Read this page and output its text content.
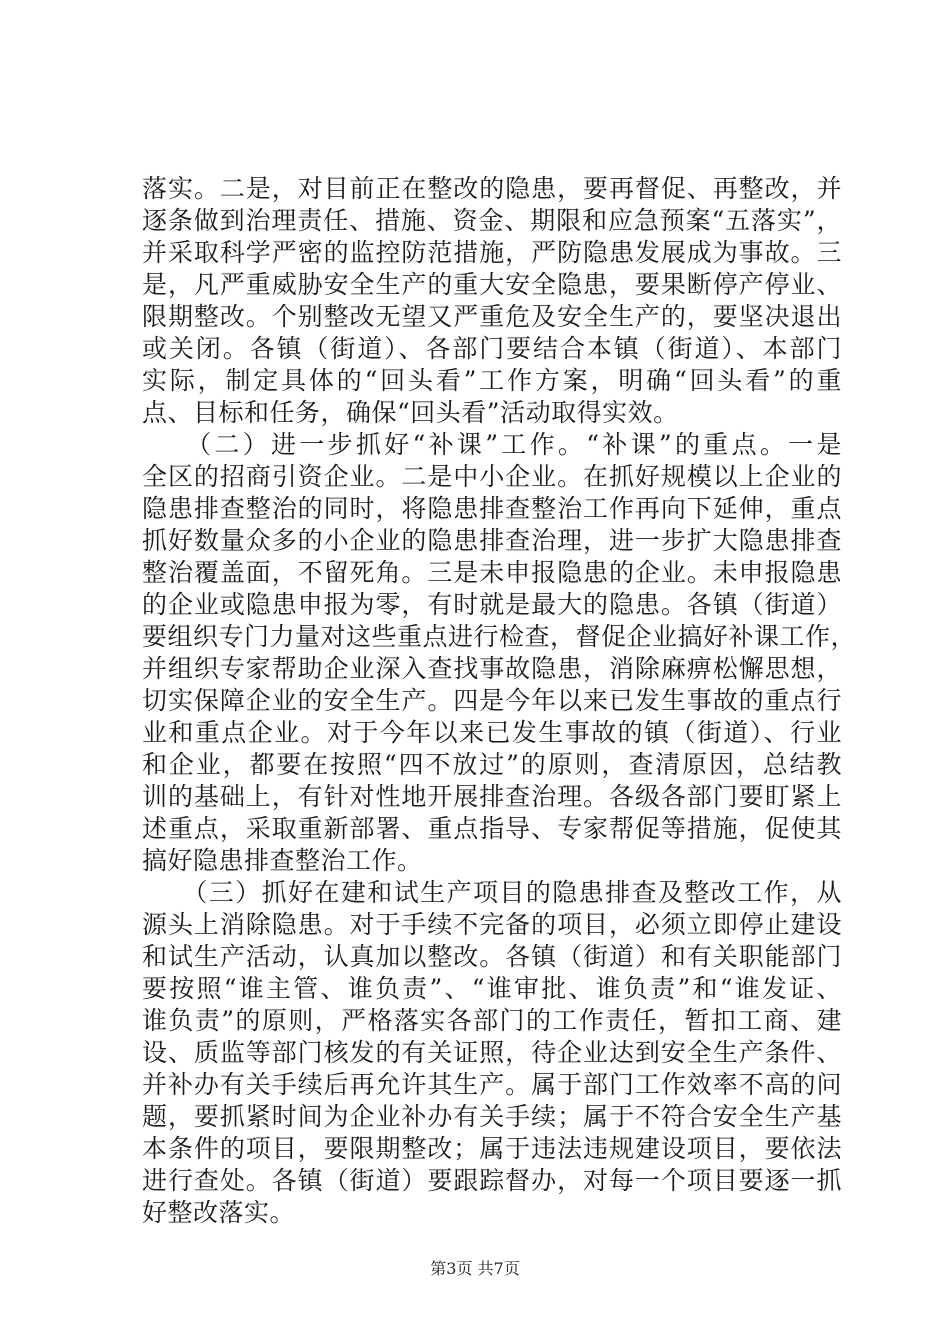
落实。二是，对目前正在整改的隐患，要再督促、再整改，并
逐条做到治理责任、措施、资金、期限和应急预案“五落实”，
并采取科学严密的监控防范措施，严防隐患发展成为事故。三
是，凡严重威胁安全生产的重大安全隐患，要果断停产停业、
限期整改。个别整改无望又严重危及安全生产的，要坚决退出
或关闭。各镇（街道）、各部门要结合本镇（街道）、本部门
实际，制定具体的“回头看”工作方案，明确“回头看”的重
点、目标和任务，确保“回头看”活动取得实效。
　　（二）进一步抓好“补课”工作。“补课”的重点。一是
全区的招商引资企业。二是中小企业。在抓好规模以上企业的
隐患排查整治的同时，将隐患排查整治工作再向下延伸，重点
抓好数量众多的小企业的隐患排查治理，进一步扩大隐患排查
整治覆盖面，不留死角。三是未申报隐患的企业。未申报隐患
的企业或隐患申报为零，有时就是最大的隐患。各镇（街道）
要组织专门力量对这些重点进行检查，督促企业搞好补课工作，
并组织专家帮助企业深入查找事故隐患，消除麻痹松懈思想，
切实保障企业的安全生产。四是今年以来已发生事故的重点行
业和重点企业。对于今年以来已发生事故的镇（街道）、行业
和企业，都要在按照“四不放过”的原则，查清原因，总结教
训的基础上，有针对性地开展排查治理。各级各部门要盯紧上
述重点，采取重新部署、重点指导、专家帮促等措施，促使其
搞好隐患排查整治工作。
　　（三）抓好在建和试生产项目的隐患排查及整改工作，从
源头上消除隐患。对于手续不完备的项目，必须立即停止建设
和试生产活动，认真加以整改。各镇（街道）和有关职能部门
要按照“谁主管、谁负责”、“谁审批、谁负责”和“谁发证、
谁负责”的原则，严格落实各部门的工作责任，暂扣工商、建
设、质监等部门核发的有关证照，待企业达到安全生产条件、
并补办有关手续后再允许其生产。属于部门工作效率不高的问
题，要抓紧时间为企业补办有关手续；属于不符合安全生产基
本条件的项目，要限期整改；属于违法违规建设项目，要依法
进行查处。各镇（街道）要跟踪督办，对每一个项目要逐一抓
好整改落实。
第3页 共7页
